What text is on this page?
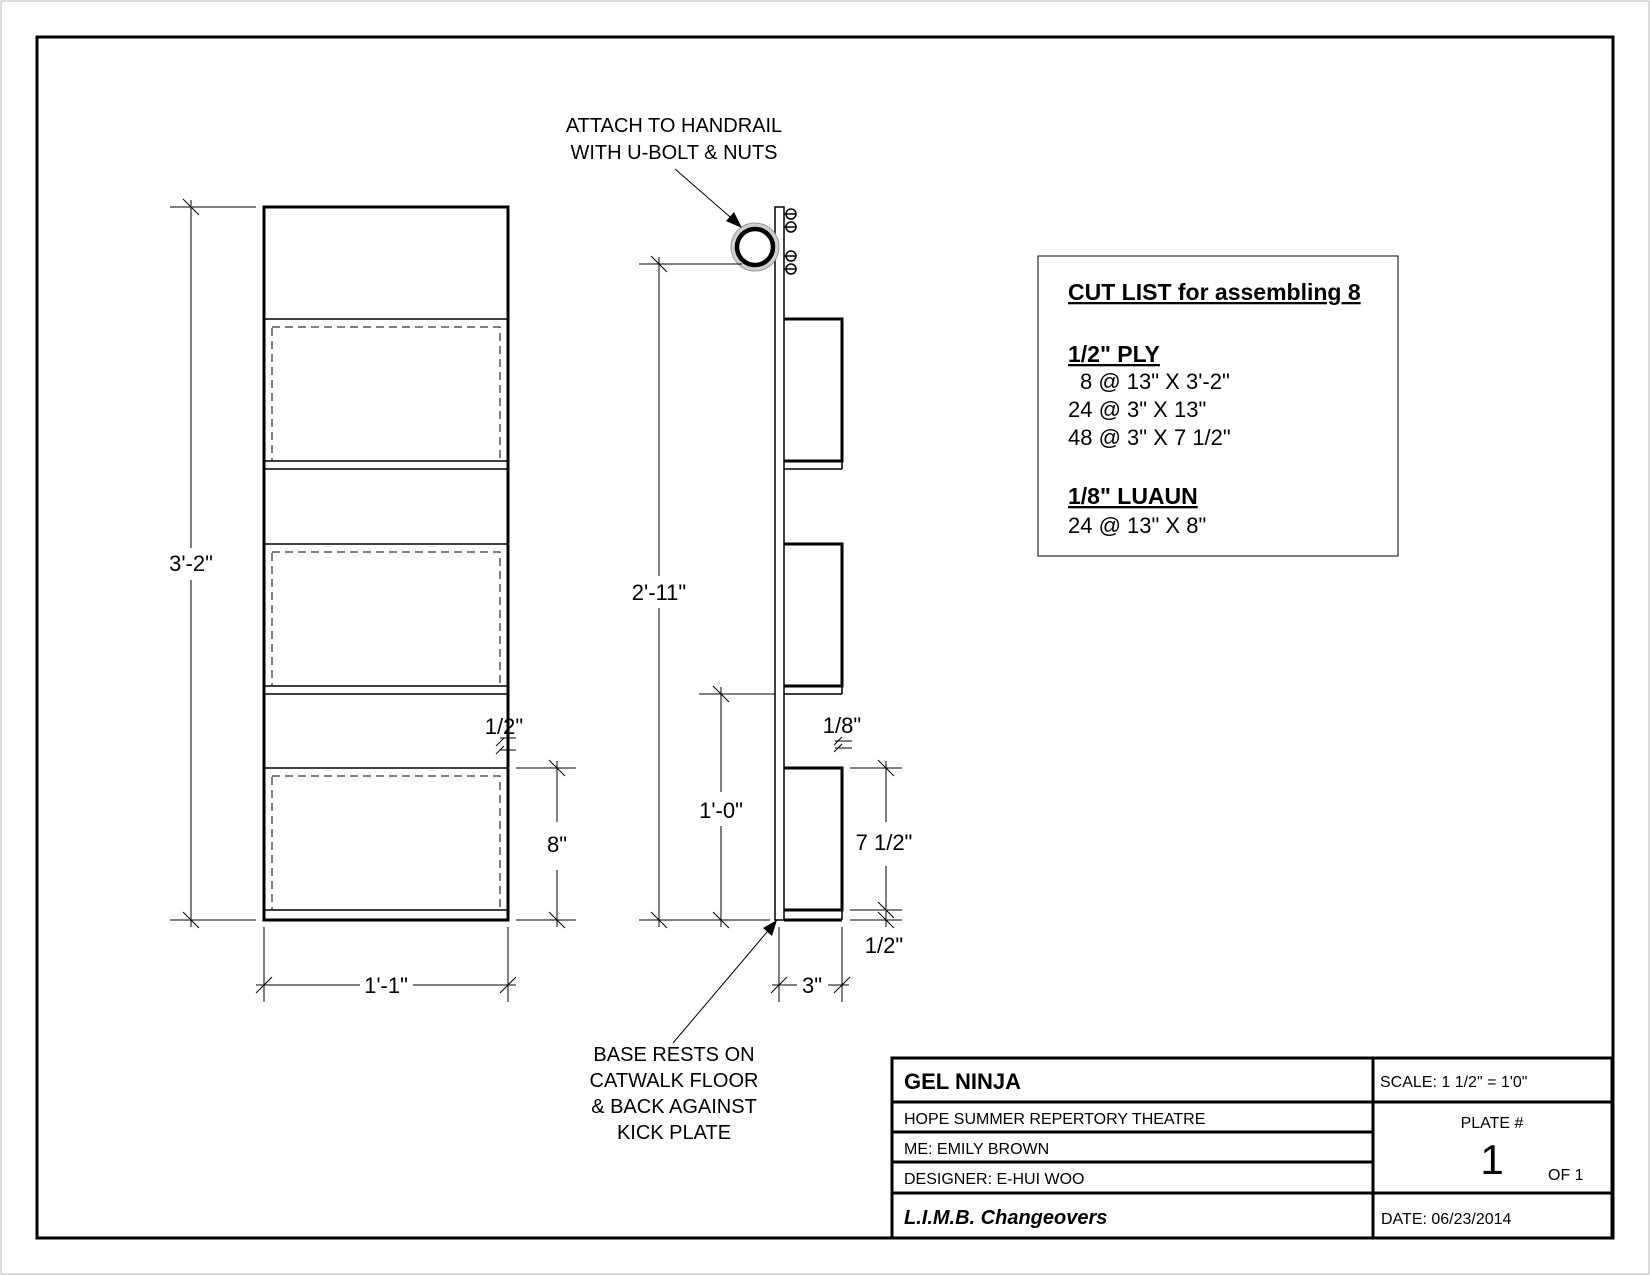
3'-2"
1'-1"
1/2"
8"
2'-11"
1'-0"
1/8"
7 1/2"
1/2"
3"
ATTACH TO HANDRAIL
WITH U-BOLT & NUTS
BASE RESTS ON
CATWALK FLOOR
& BACK AGAINST
KICK PLATE
CUT LIST for assembling 8
1/2" PLY
8 @ 13" X 3'-2"
24 @ 3" X 13"
48 @ 3" X 7 1/2"
1/8" LUAUN
24 @ 13" X 8"
GEL NINJA	SCALE: 1 1/2" = 1'0"
HOPE SUMMER REPERTORY THEATRE
ME: EMILY BROWN
DESIGNER: E-HUI WOO
L.I.M.B. Changeovers
PLATE #
1	OF 1
DATE: 06/23/2014
